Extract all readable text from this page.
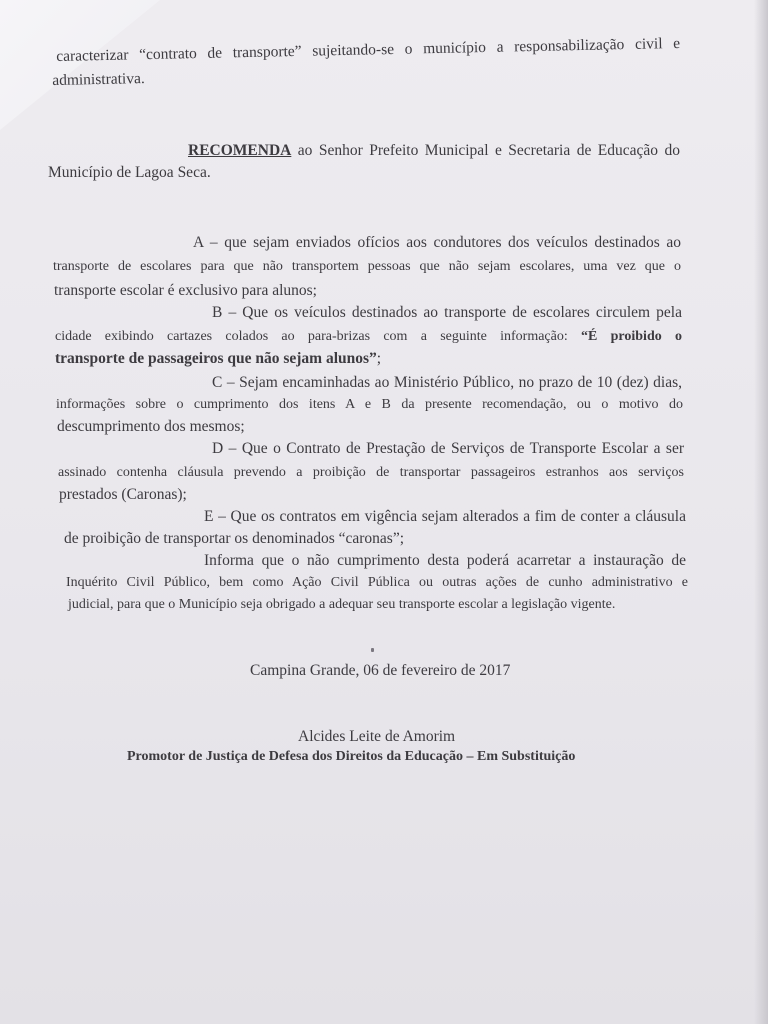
caracterizar “contrato de transporte” sujeitando-se o município a responsabilização civil e
administrativa.
RECOMENDA ao Senhor Prefeito Municipal e Secretaria de Educação do
Município de Lagoa Seca.
A – que sejam enviados ofícios aos condutores dos veículos destinados ao
transporte de escolares para que não transportem pessoas que não sejam escolares, uma vez que o
transporte escolar é exclusivo para alunos;
B – Que os veículos destinados ao transporte de escolares circulem pela
cidade exibindo cartazes colados ao para-brizas com a seguinte informação: “É proibido o
transporte de passageiros que não sejam alunos”;
C – Sejam encaminhadas ao Ministério Público, no prazo de 10 (dez) dias,
informações sobre o cumprimento dos itens A e B da presente recomendação, ou o motivo do
descumprimento dos mesmos;
D – Que o Contrato de Prestação de Serviços de Transporte Escolar a ser
assinado contenha cláusula prevendo a proibição de transportar passageiros estranhos aos serviços
prestados (Caronas);
E – Que os contratos em vigência sejam alterados a fim de conter a cláusula
de proibição de transportar os denominados “caronas”;
Informa que o não cumprimento desta poderá acarretar a instauração de
Inquérito Civil Público, bem como Ação Civil Pública ou outras ações de cunho administrativo e
judicial, para que o Município seja obrigado a adequar seu transporte escolar a legislação vigente.
Campina Grande, 06 de fevereiro de 2017
Alcides Leite de Amorim
Promotor de Justiça de Defesa dos Direitos da Educação – Em Substituição
